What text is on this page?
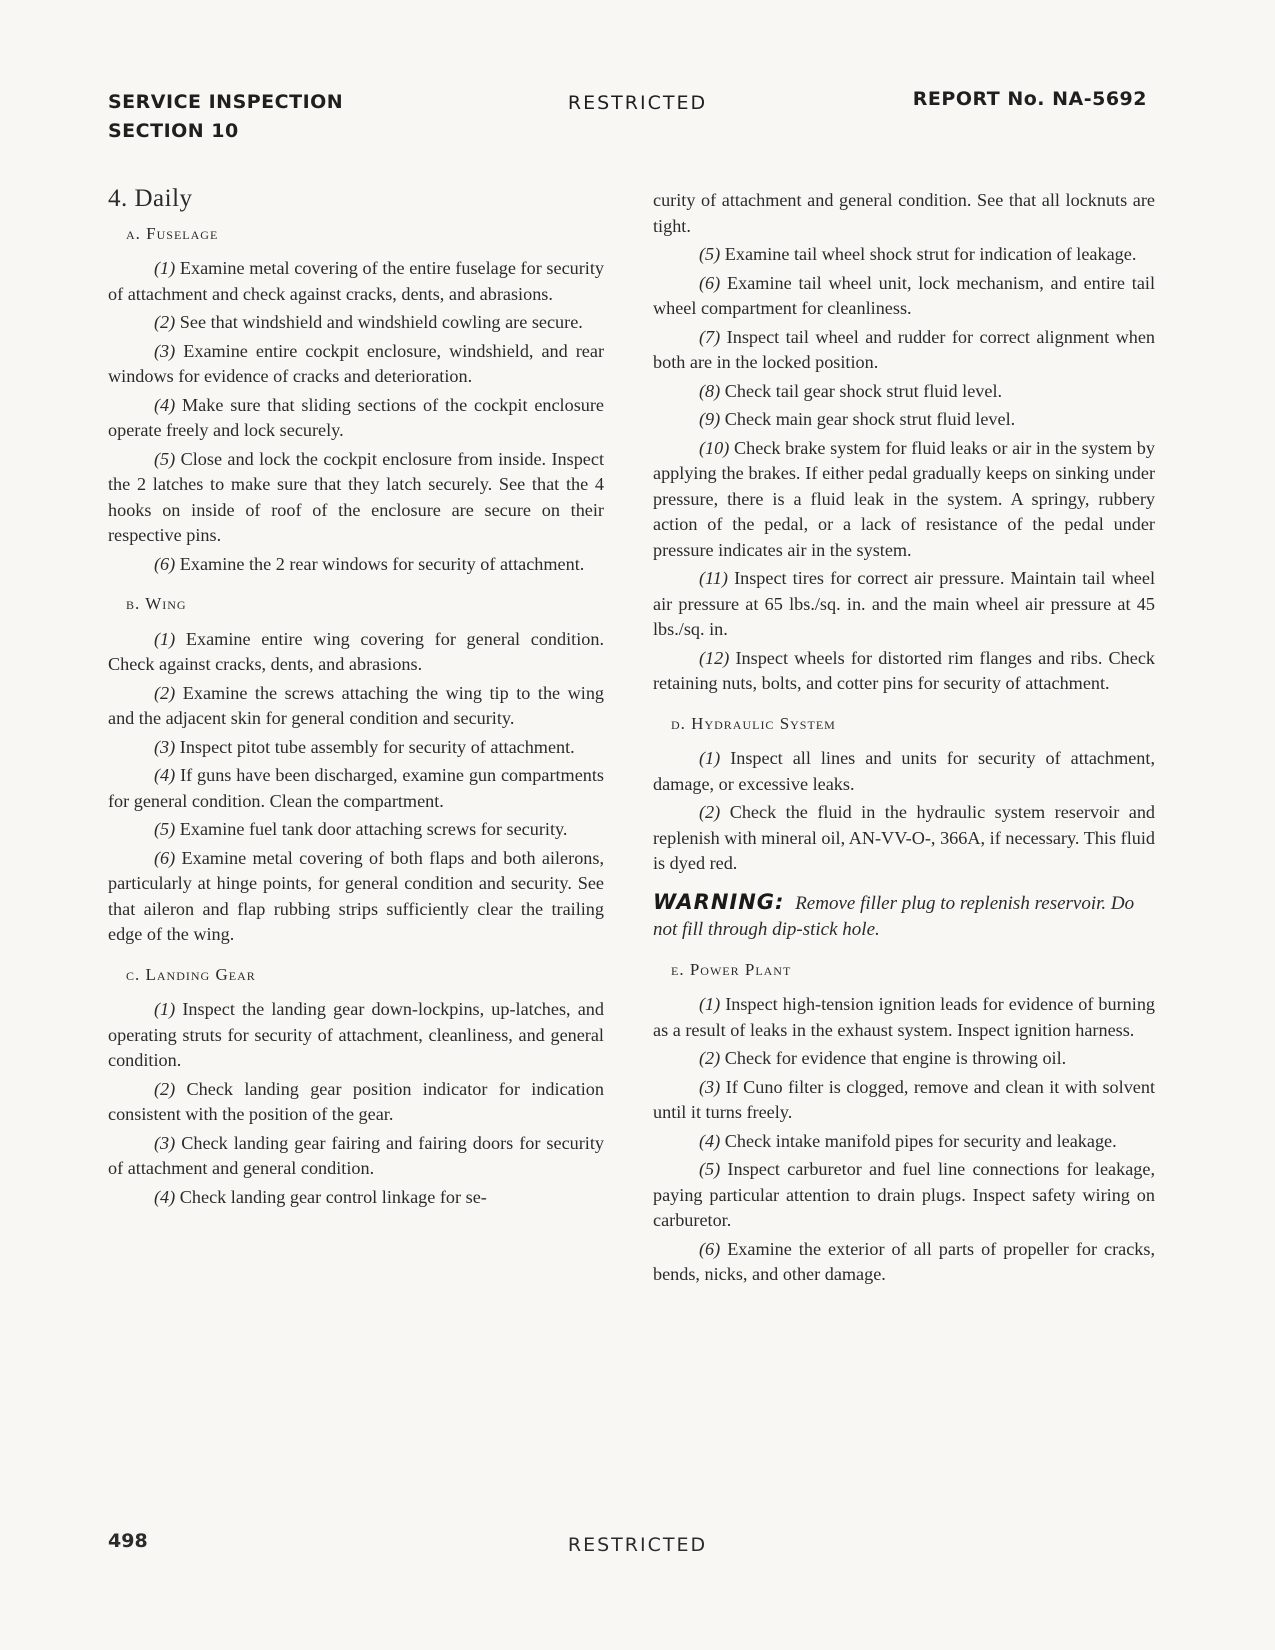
SERVICE INSPECTION
SECTION 10
RESTRICTED	REPORT No. NA-5692
4. Daily
a. Fuselage

(1) Examine metal covering of the entire fuselage for security of attachment and check against cracks, dents, and abrasions.

(2) See that windshield and windshield cowling are secure.

(3) Examine entire cockpit enclosure, windshield, and rear windows for evidence of cracks and deterioration.

(4) Make sure that sliding sections of the cockpit enclosure operate freely and lock securely.

(5) Close and lock the cockpit enclosure from inside. Inspect the 2 latches to make sure that they latch securely. See that the 4 hooks on inside of roof of the enclosure are secure on their respective pins.

(6) Examine the 2 rear windows for security of attachment.

b. Wing

(1) Examine entire wing covering for general condition. Check against cracks, dents, and abrasions.

(2) Examine the screws attaching the wing tip to the wing and the adjacent skin for general condition and security.

(3) Inspect pitot tube assembly for security of attachment.

(4) If guns have been discharged, examine gun compartments for general condition. Clean the compartment.

(5) Examine fuel tank door attaching screws for security.

(6) Examine metal covering of both flaps and both ailerons, particularly at hinge points, for general condition and security. See that aileron and flap rubbing strips sufficiently clear the trailing edge of the wing.

c. Landing Gear

(1) Inspect the landing gear down-lockpins, up-latches, and operating struts for security of attachment, cleanliness, and general condition.

(2) Check landing gear position indicator for indication consistent with the position of the gear.

(3) Check landing gear fairing and fairing doors for security of attachment and general condition.

(4) Check landing gear control linkage for se-

curity of attachment and general condition. See that all locknuts are tight.

(5) Examine tail wheel shock strut for indication of leakage.

(6) Examine tail wheel unit, lock mechanism, and entire tail wheel compartment for cleanliness.

(7) Inspect tail wheel and rudder for correct alignment when both are in the locked position.

(8) Check tail gear shock strut fluid level.

(9) Check main gear shock strut fluid level.

(10) Check brake system for fluid leaks or air in the system by applying the brakes. If either pedal gradually keeps on sinking under pressure, there is a fluid leak in the system. A springy, rubbery action of the pedal, or a lack of resistance of the pedal under pressure indicates air in the system.

(11) Inspect tires for correct air pressure. Maintain tail wheel air pressure at 65 lbs./sq. in. and the main wheel air pressure at 45 lbs./sq. in.

(12) Inspect wheels for distorted rim flanges and ribs. Check retaining nuts, bolts, and cotter pins for security of attachment.

d. Hydraulic System

(1) Inspect all lines and units for security of attachment, damage, or excessive leaks.

(2) Check the fluid in the hydraulic system reservoir and replenish with mineral oil, AN-VV-O-, 366A, if necessary. This fluid is dyed red.

WARNING: Remove filler plug to replenish reservoir. Do not fill through dip-stick hole.
e. Power Plant

(1) Inspect high-tension ignition leads for evidence of burning as a result of leaks in the exhaust system. Inspect ignition harness.

(2) Check for evidence that engine is throwing oil.

(3) If Cuno filter is clogged, remove and clean it with solvent until it turns freely.

(4) Check intake manifold pipes for security and leakage.

(5) Inspect carburetor and fuel line connections for leakage, paying particular attention to drain plugs. Inspect safety wiring on carburetor.

(6) Examine the exterior of all parts of propeller for cracks, bends, nicks, and other damage.

498	RESTRICTED
